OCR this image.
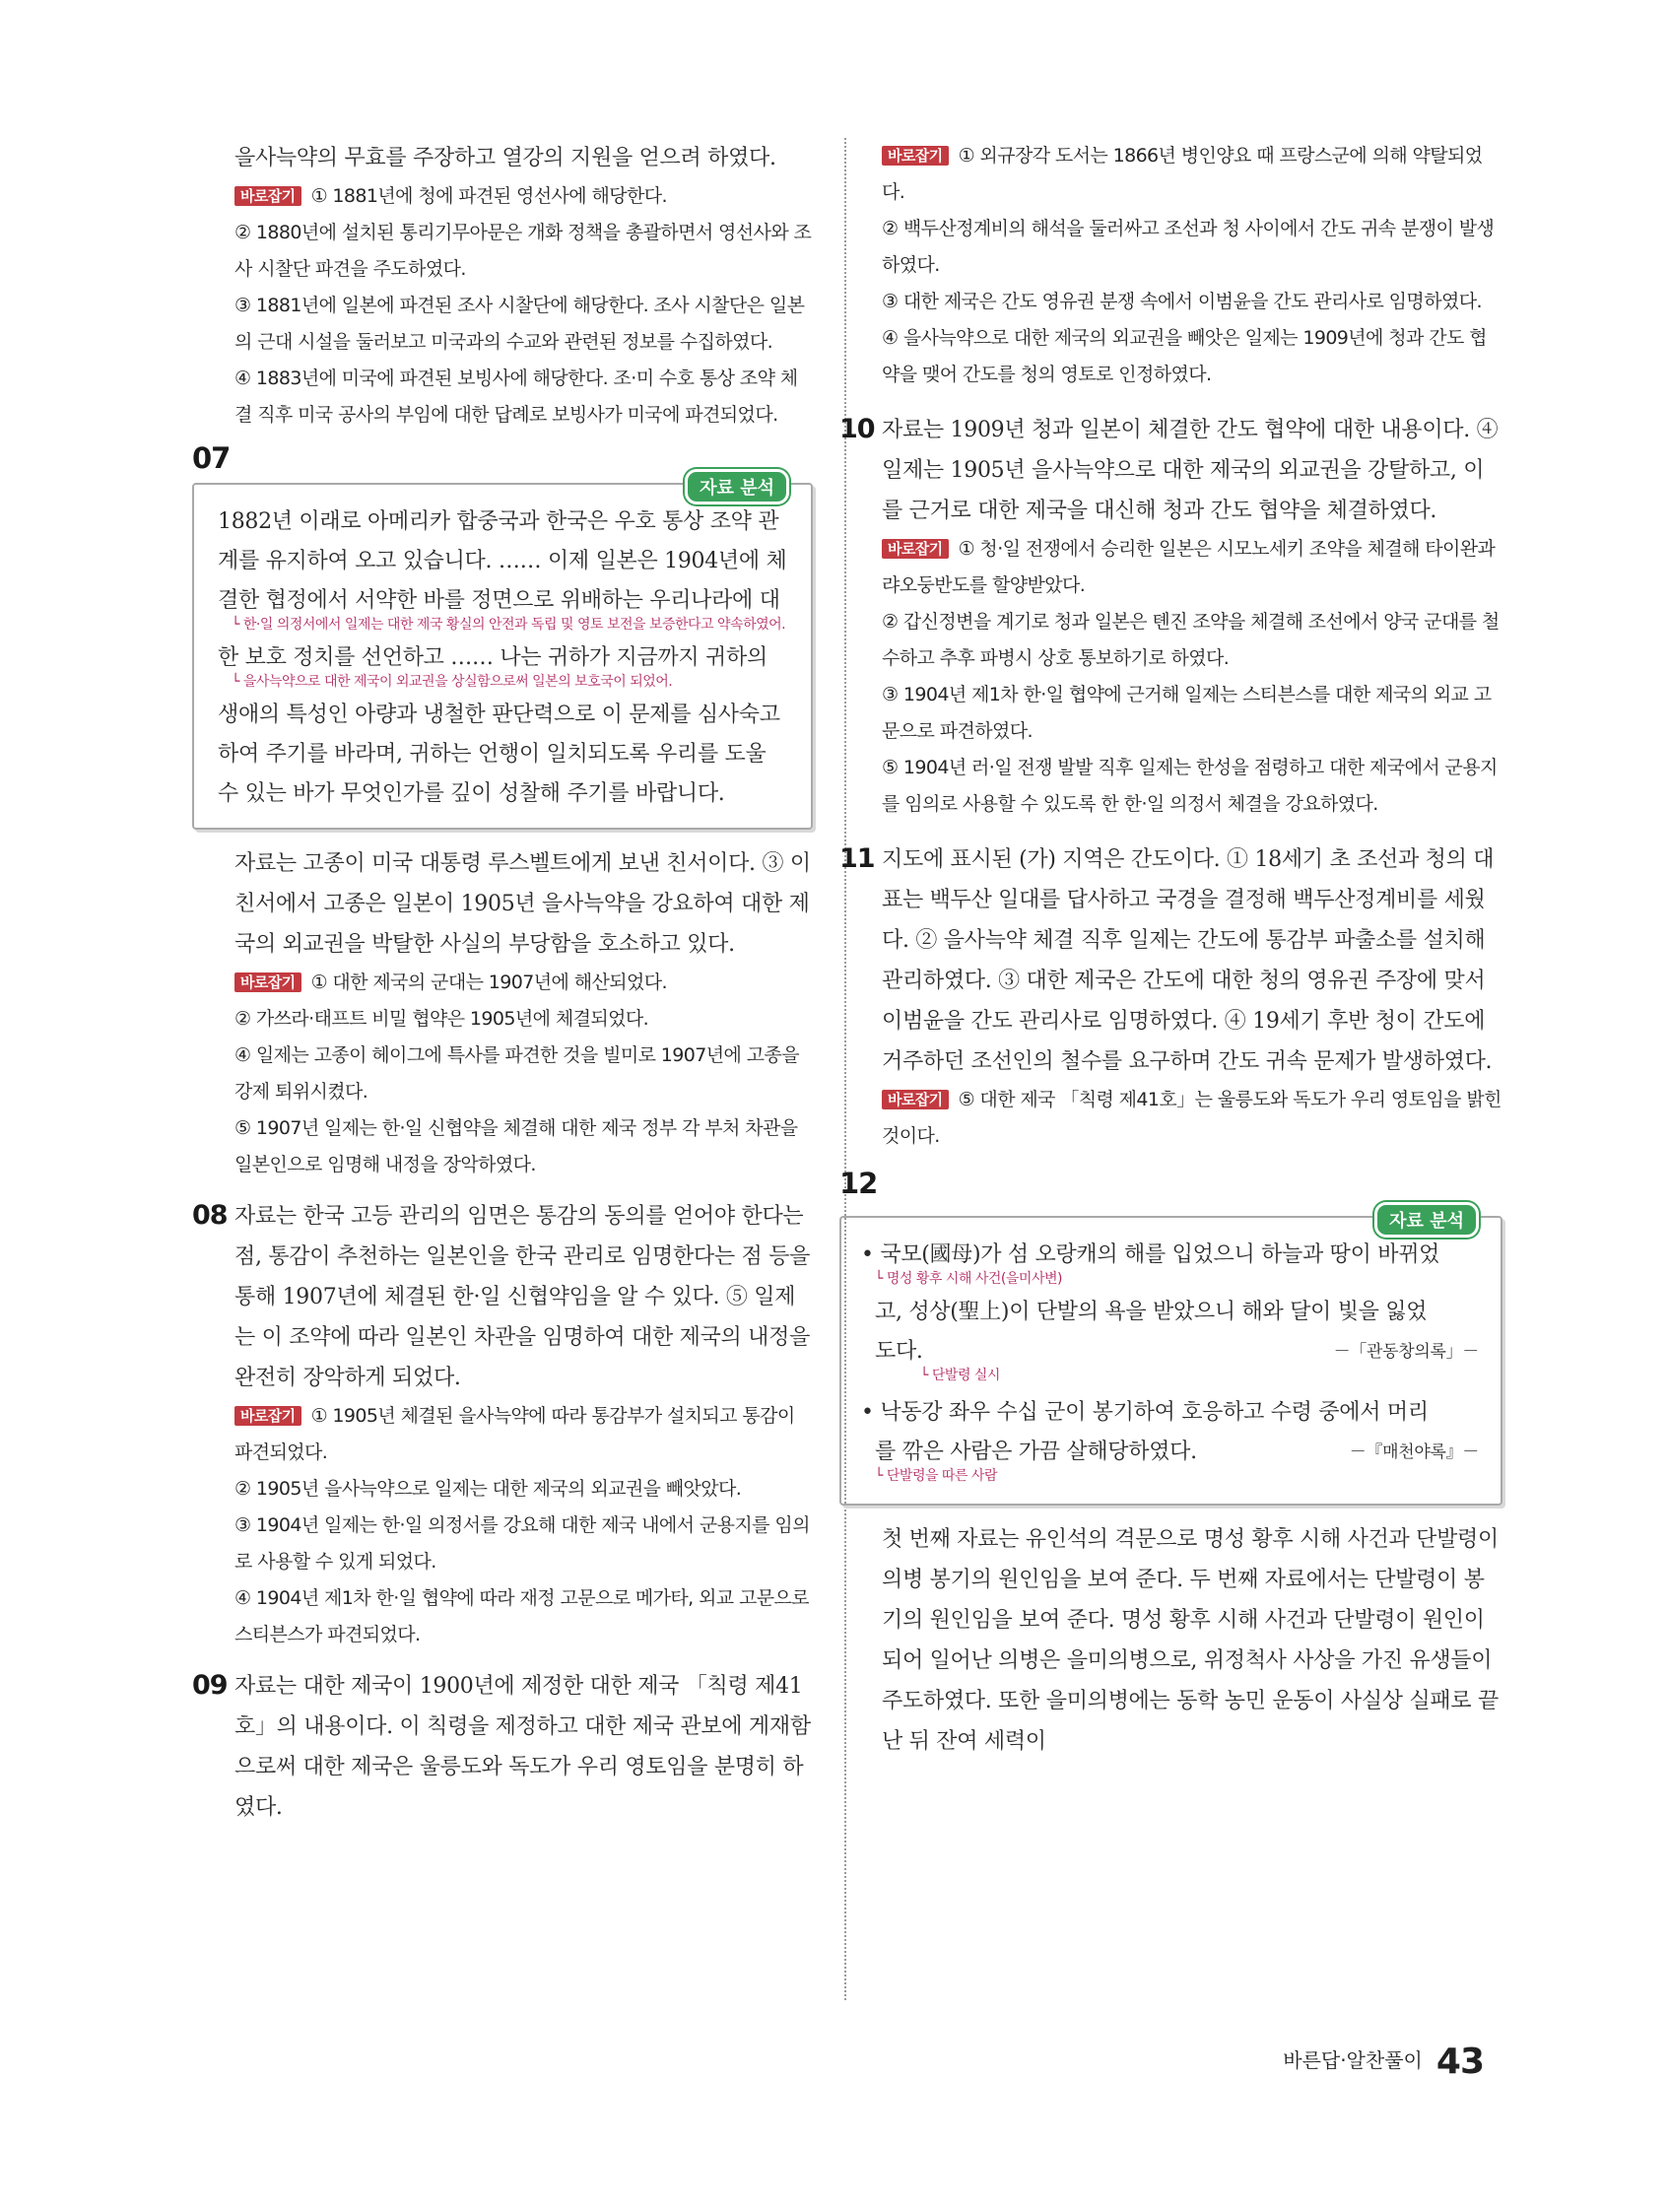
을사늑약의 무효를 주장하고 열강의 지원을 얻으려 하였다.

바로잡기 ① 1881년에 청에 파견된 영선사에 해당한다.

② 1880년에 설치된 통리기무아문은 개화 정책을 총괄하면서 영선사와 조사 시찰단 파견을 주도하였다.

③ 1881년에 일본에 파견된 조사 시찰단에 해당한다. 조사 시찰단은 일본의 근대 시설을 둘러보고 미국과의 수교와 관련된 정보를 수집하였다.

④ 1883년에 미국에 파견된 보빙사에 해당한다. 조·미 수호 통상 조약 체결 직후 미국 공사의 부임에 대한 답례로 보빙사가 미국에 파견되었다.

07
자료 분석

1882년 이래로 아메리카 합중국과 한국은 우호 통상 조약 관계를 유지하여 오고 있습니다. …… 이제 일본은 1904년에 체결한 협정에서 서약한 바를 정면으로 위배하는 우리나라에 대

└ 한·일 의정서에서 일제는 대한 제국 황실의 안전과 독립 및 영토 보전을 보증한다고 약속하였어.

한 보호 정치를 선언하고 …… 나는 귀하가 지금까지 귀하의

└ 을사늑약으로 대한 제국이 외교권을 상실함으로써 일본의 보호국이 되었어.

생애의 특성인 아량과 냉철한 판단력으로 이 문제를 심사숙고하여 주기를 바라며, 귀하는 언행이 일치되도록 우리를 도울 수 있는 바가 무엇인가를 깊이 성찰해 주기를 바랍니다.

자료는 고종이 미국 대통령 루스벨트에게 보낸 친서이다. ③ 이 친서에서 고종은 일본이 1905년 을사늑약을 강요하여 대한 제국의 외교권을 박탈한 사실의 부당함을 호소하고 있다.

바로잡기 ① 대한 제국의 군대는 1907년에 해산되었다.

② 가쓰라·태프트 비밀 협약은 1905년에 체결되었다.

④ 일제는 고종이 헤이그에 특사를 파견한 것을 빌미로 1907년에 고종을 강제 퇴위시켰다.

⑤ 1907년 일제는 한·일 신협약을 체결해 대한 제국 정부 각 부처 차관을 일본인으로 임명해 내정을 장악하였다.

08 자료는 한국 고등 관리의 임면은 통감의 동의를 얻어야 한다는 점, 통감이 추천하는 일본인을 한국 관리로 임명한다는 점 등을 통해 1907년에 체결된 한·일 신협약임을 알 수 있다. ⑤ 일제는 이 조약에 따라 일본인 차관을 임명하여 대한 제국의 내정을 완전히 장악하게 되었다.

바로잡기 ① 1905년 체결된 을사늑약에 따라 통감부가 설치되고 통감이 파견되었다.

② 1905년 을사늑약으로 일제는 대한 제국의 외교권을 빼앗았다.

③ 1904년 일제는 한·일 의정서를 강요해 대한 제국 내에서 군용지를 임의로 사용할 수 있게 되었다.

④ 1904년 제1차 한·일 협약에 따라 재정 고문으로 메가타, 외교 고문으로 스티븐스가 파견되었다.

09 자료는 대한 제국이 1900년에 제정한 대한 제국 「칙령 제41호」의 내용이다. 이 칙령을 제정하고 대한 제국 관보에 게재함으로써 대한 제국은 울릉도와 독도가 우리 영토임을 분명히 하였다.

바로잡기 ① 외규장각 도서는 1866년 병인양요 때 프랑스군에 의해 약탈되었다.

② 백두산정계비의 해석을 둘러싸고 조선과 청 사이에서 간도 귀속 분쟁이 발생하였다.

③ 대한 제국은 간도 영유권 분쟁 속에서 이범윤을 간도 관리사로 임명하였다.

④ 을사늑약으로 대한 제국의 외교권을 빼앗은 일제는 1909년에 청과 간도 협약을 맺어 간도를 청의 영토로 인정하였다.

10 자료는 1909년 청과 일본이 체결한 간도 협약에 대한 내용이다. ④ 일제는 1905년 을사늑약으로 대한 제국의 외교권을 강탈하고, 이를 근거로 대한 제국을 대신해 청과 간도 협약을 체결하였다.

바로잡기 ① 청·일 전쟁에서 승리한 일본은 시모노세키 조약을 체결해 타이완과 랴오둥반도를 할양받았다.

② 갑신정변을 계기로 청과 일본은 톈진 조약을 체결해 조선에서 양국 군대를 철수하고 추후 파병시 상호 통보하기로 하였다.

③ 1904년 제1차 한·일 협약에 근거해 일제는 스티븐스를 대한 제국의 외교 고문으로 파견하였다.

⑤ 1904년 러·일 전쟁 발발 직후 일제는 한성을 점령하고 대한 제국에서 군용지를 임의로 사용할 수 있도록 한 한·일 의정서 체결을 강요하였다.

11 지도에 표시된 (가) 지역은 간도이다. ① 18세기 초 조선과 청의 대표는 백두산 일대를 답사하고 국경을 결정해 백두산정계비를 세웠다. ② 을사늑약 체결 직후 일제는 간도에 통감부 파출소를 설치해 관리하였다. ③ 대한 제국은 간도에 대한 청의 영유권 주장에 맞서 이범윤을 간도 관리사로 임명하였다. ④ 19세기 후반 청이 간도에 거주하던 조선인의 철수를 요구하며 간도 귀속 문제가 발생하였다.

바로잡기 ⑤ 대한 제국 「칙령 제41호」는 울릉도와 독도가 우리 영토임을 밝힌 것이다.

12
자료 분석

• 국모(國母)가 섬 오랑캐의 해를 입었으니 하늘과 땅이 바뀌었

└ 명성 황후 시해 사건(을미사변)

고, 성상(聖上)이 단발의 욕을 받았으니 해와 달이 빛을 잃었

도다.	－「관동창의록」－

└ 단발령 실시

• 낙동강 좌우 수십 군이 봉기하여 호응하고 수령 중에서 머리

를 깎은 사람은 가끔 살해당하였다.	－『매천야록』－

└ 단발령을 따른 사람

첫 번째 자료는 유인석의 격문으로 명성 황후 시해 사건과 단발령이 의병 봉기의 원인임을 보여 준다. 두 번째 자료에서는 단발령이 봉기의 원인임을 보여 준다. 명성 황후 시해 사건과 단발령이 원인이 되어 일어난 의병은 을미의병으로, 위정척사 사상을 가진 유생들이 주도하였다. 또한 을미의병에는 동학 농민 운동이 사실상 실패로 끝난 뒤 잔여 세력이

바른답·알찬풀이 43
